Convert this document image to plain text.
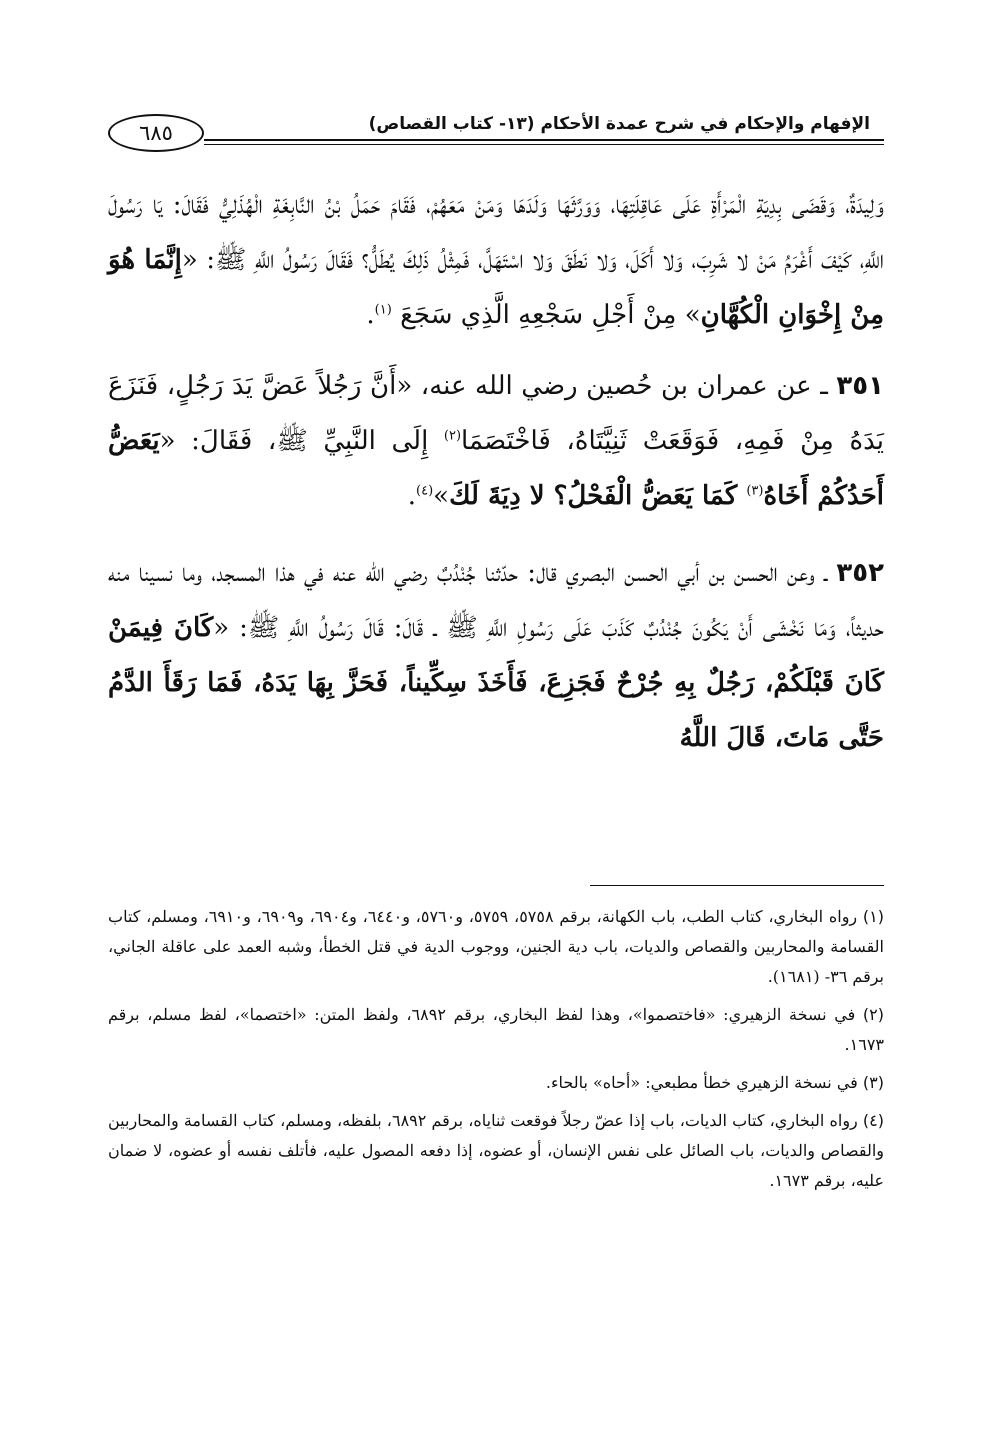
٦٨٥	الإفهام والإحكام في شرح عمدة الأحكام (١٣- كتاب القصاص)

وَلِيدَةٌ، وَقَضَى بِدِيَةِ الْمَرْأَةِ عَلَى عَاقِلَتِهَا، وَوَرَّثَهَا وَلَدَهَا وَمَنْ مَعَهُمْ، فَقَامَ حَمَلُ بْنُ النَّابِغَةِ الْهُذَلِيُّ فَقَالَ: يَا رَسُولَ اللَّهِ، كَيْفَ أَغْرَمُ مَنْ لا شَرِبَ، وَلا أَكَلَ، وَلا نَطَقَ وَلا اسْتَهَلَّ، فَمِثْلُ ذَلِكَ يُطَلُّ؟ فَقَالَ رَسُولُ اللَّهِ ﷺ: «إِنَّمَا هُوَ مِنْ إِخْوَانِ الْكُهَّانِ» مِنْ أَجْلِ سَجْعِهِ الَّذِي سَجَعَ $^{(١)}$.

٣٥١ ـ عن عمران بن حُصين رضي الله عنه، «أَنَّ رَجُلاً عَضَّ يَدَ رَجُلٍ، فَنَزَعَ يَدَهُ مِنْ فَمِهِ، فَوَقَعَتْ ثَنِيَّتَاهُ، فَاخْتَصَمَا$^{(٢)}$ إِلَى النَّبِيِّ ﷺ، فَقَالَ: «يَعَضُّ أَحَدُكُمْ أَخَاهُ$^{(٣)}$ كَمَا يَعَضُّ الْفَحْلُ؟ لا دِيَةَ لَكَ»$^{(٤)}$.

٣٥٢ ـ وعن الحسن بن أبي الحسن البصري قال: حدّثنا جُنْدُبٌ رضي الله عنه في هذا المسجد، وما نسينا منه حديثاً، وَمَا نَخْشَى أَنْ يَكُونَ جُنْدُبٌ كَذَبَ عَلَى رَسُولِ اللَّهِ ﷺ ـ قَالَ: قَالَ رَسُولُ اللَّهِ ﷺ: «كَانَ فِيمَنْ كَانَ قَبْلَكُمْ، رَجُلٌ بِهِ جُرْحٌ فَجَزِعَ، فَأَخَذَ سِكِّيناً، فَحَزَّ بِهَا يَدَهُ، فَمَا رَقَأَ الدَّمُ حَتَّى مَاتَ، قَالَ اللَّهُ

(١) رواه البخاري، كتاب الطب، باب الكهانة، برقم ٥٧٥٨، ٥٧٥٩، و٥٧٦٠، و٦٤٤٠، و٦٩٠٤، و٦٩٠٩، و٦٩١٠، ومسلم، كتاب القسامة والمحاربين والقصاص والديات، باب دية الجنين، ووجوب الدية في قتل الخطأ، وشبه العمد على عاقلة الجاني، برقم ٣٦- (١٦٨١).

(٢) في نسخة الزهيري: «فاختصموا»، وهذا لفظ البخاري، برقم ٦٨٩٢، ولفظ المتن: «اختصما»، لفظ مسلم، برقم ١٦٧٣.

(٣) في نسخة الزهيري خطأ مطبعي: «أحاه» بالحاء.

(٤) رواه البخاري، كتاب الديات، باب إذا عضّ رجلاً فوقعت ثناياه، برقم ٦٨٩٢، بلفظه، ومسلم، كتاب القسامة والمحاربين والقصاص والديات، باب الصائل على نفس الإنسان، أو عضوه، إذا دفعه المصول عليه، فأتلف نفسه أو عضوه، لا ضمان عليه، برقم ١٦٧٣.
